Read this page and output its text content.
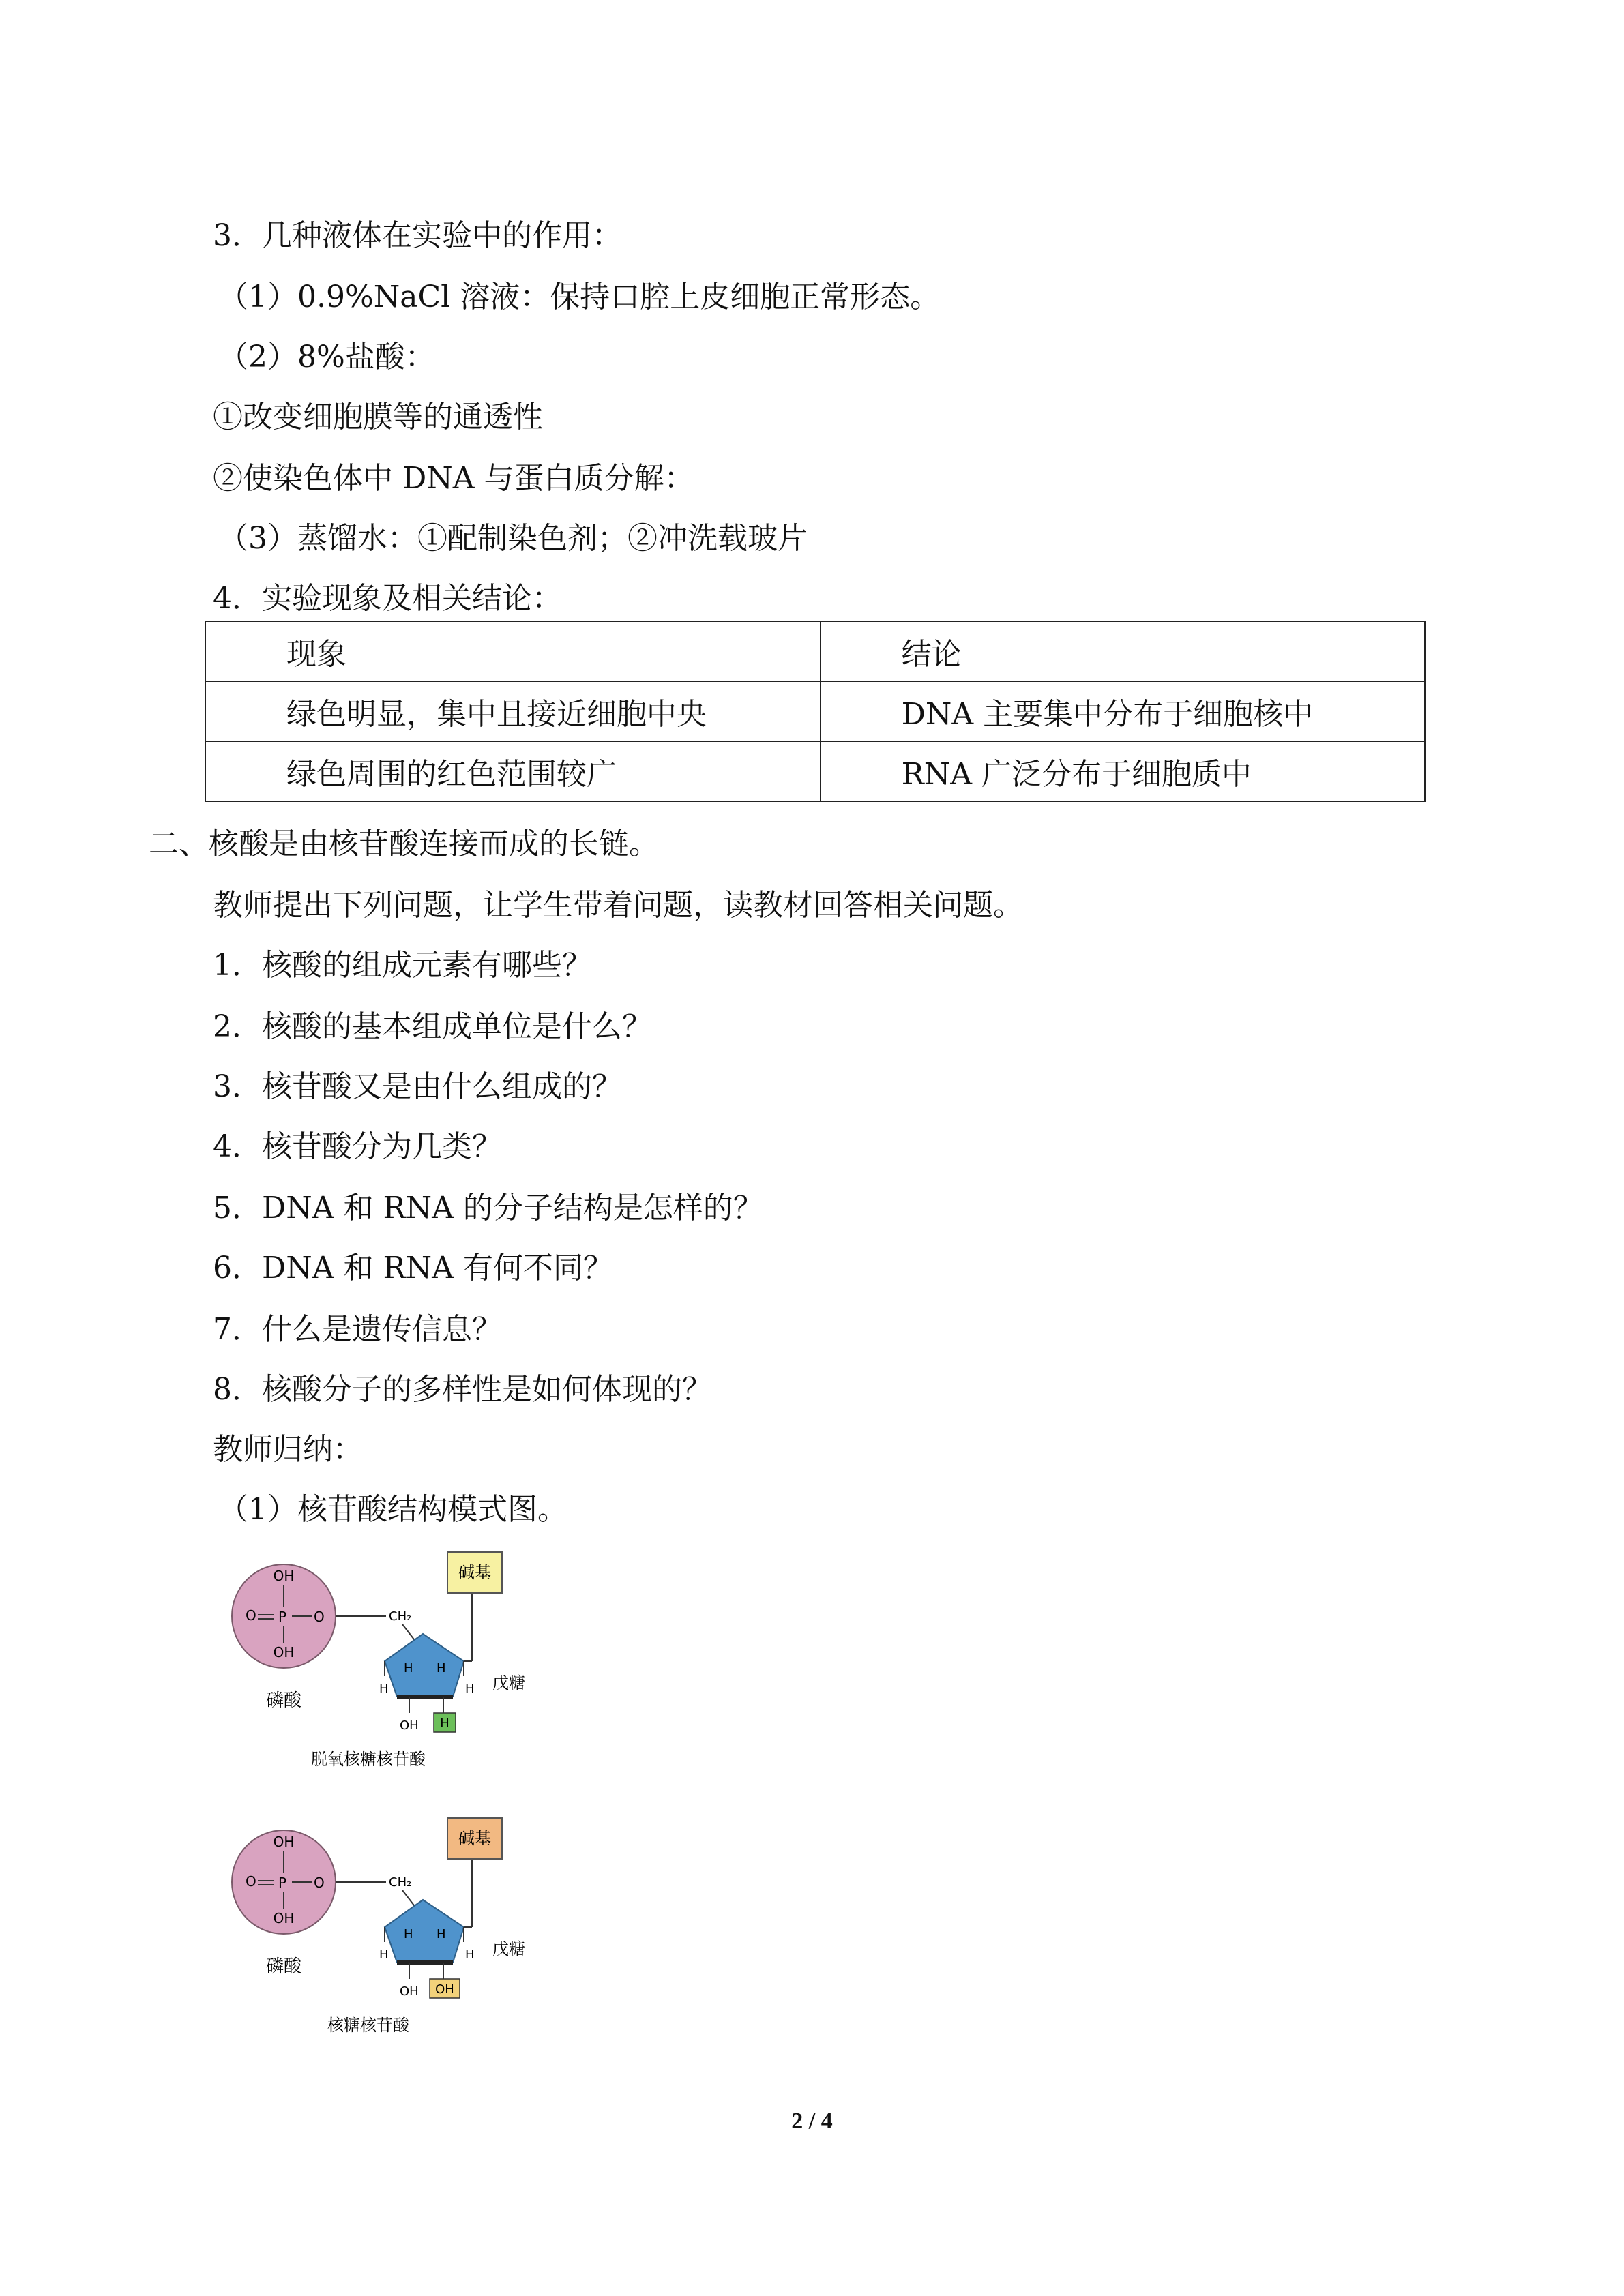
3．几种液体在实验中的作用：
（1）0.9%NaCl 溶液：保持口腔上皮细胞正常形态。
（2）8%盐酸：
①改变细胞膜等的通透性
②使染色体中 DNA 与蛋白质分解：
（3）蒸馏水：①配制染色剂；②冲洗载玻片
4．实验现象及相关结论：
现象	结论
绿色明显，集中且接近细胞中央	DNA 主要集中分布于细胞核中
绿色周围的红色范围较广	RNA 广泛分布于细胞质中
二、核酸是由核苷酸连接而成的长链。
教师提出下列问题，让学生带着问题，读教材回答相关问题。
1．核酸的组成元素有哪些？
2．核酸的基本组成单位是什么？
3．核苷酸又是由什么组成的？
4．核苷酸分为几类？
5．DNA 和 RNA 的分子结构是怎样的？
6．DNA 和 RNA 有何不同？
7．什么是遗传信息？
8．核酸分子的多样性是如何体现的？
教师归纳：
（1）核苷酸结构模式图。
OH
O P O
OH
磷酸
CH₂
H H
H	H
OH H
碱基
戊糖
脱氧核糖核苷酸
OH
O P O
OH
磷酸
CH₂
H H
H	H
OH OH
碱基
戊糖
核糖核苷酸
2 / 4
